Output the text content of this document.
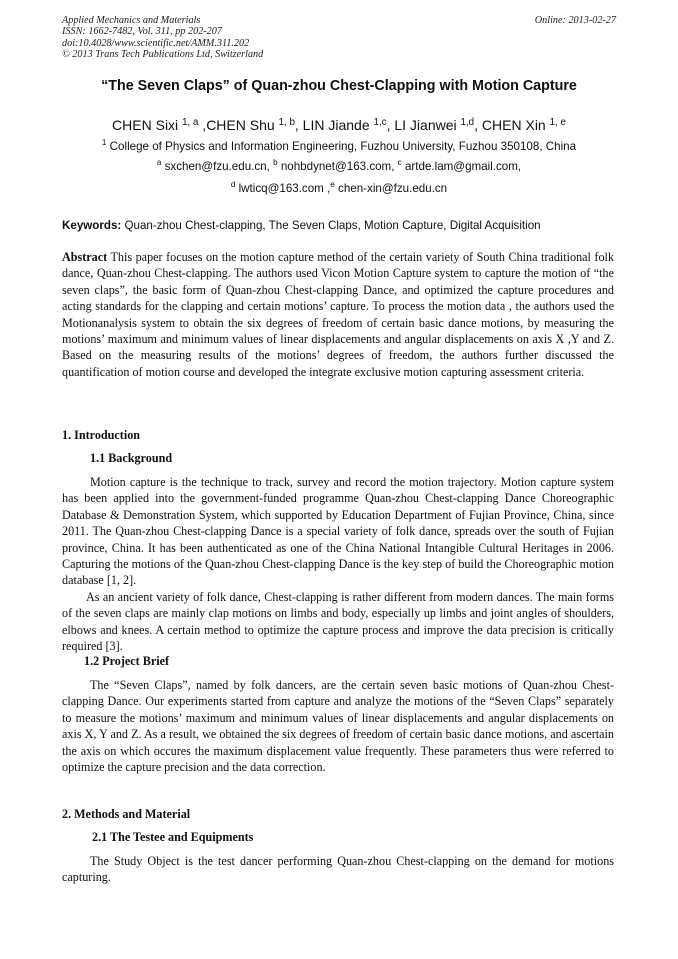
Applied Mechanics and Materials
ISSN: 1662-7482, Vol. 311, pp 202-207
doi:10.4028/www.scientific.net/AMM.311.202
© 2013 Trans Tech Publications Ltd, Switzerland
Online: 2013-02-27
“The Seven Claps” of Quan-zhou Chest-Clapping with Motion Capture
CHEN Sixi $^{1, a}$ ,CHEN Shu $^{1, b}$, LIN Jiande $^{1,c}$, LI Jianwei $^{1,d}$, CHEN Xin $^{1, e}$
$^1$ College of Physics and Information Engineering, Fuzhou University, Fuzhou 350108, China
$^a$ sxchen@fzu.edu.cn, $^b$ nohbdynet@163.com, $^c$ artde.lam@gmail.com,
$^d$ lwticq@163.com ,$^e$ chen-xin@fzu.edu.cn
Keywords: Quan-zhou Chest-clapping, The Seven Claps, Motion Capture, Digital Acquisition

Abstract This paper focuses on the motion capture method of the certain variety of South China traditional folk dance, Quan-zhou Chest-clapping. The authors used Vicon Motion Capture system to capture the motion of “the seven claps”, the basic form of Quan-zhou Chest-clapping Dance, and optimized the capture procedures and acting standards for the clapping and certain motions’ capture. To process the motion data , the authors used the Motionanalysis system to obtain the six degrees of freedom of certain basic dance motions, by measuring the motions’ maximum and minimum values of linear displacements and angular displacements on axis X ,Y and Z. Based on the measuring results of the motions’ degrees of freedom, the authors further discussed the quantification of motion course and developed the integrate exclusive motion capturing assessment criteria.

1. Introduction
1.1 Background

Motion capture is the technique to track, survey and record the motion trajectory. Motion capture system has been applied into the government-funded programme Quan-zhou Chest-clapping Dance Choreographic Database & Demonstration System, which supported by Education Department of Fujian Province, China, since 2011. The Quan-zhou Chest-clapping Dance is a special variety of folk dance, spreads over the south of Fujian province, China. It has been authenticated as one of the China National Intangible Cultural Heritages in 2006. Capturing the motions of the Quan-zhou Chest-clapping Dance is the key step of build the Choreographic motion database [1, 2].

As an ancient variety of folk dance, Chest-clapping is rather different from modern dances. The main forms of the seven claps are mainly clap motions on limbs and body, especially up limbs and joint angles of shoulders, elbows and knees. A certain method to optimize the capture process and improve the data precision is critically required [3].

1.2 Project Brief

The “Seven Claps”, named by folk dancers, are the certain seven basic motions of Quan-zhou Chest-clapping Dance. Our experiments started from capture and analyze the motions of the “Seven Claps” separately to measure the motions’ maximum and minimum values of linear displacements and angular displacements on axis X, Y and Z. As a result, we obtained the six degrees of freedom of certain basic dance motions, and ascertain the axis on which occures the maximum displacement value frequently. These parameters thus were referred to optimize the capture precision and the data correction.

2. Methods and Material
2.1 The Testee and Equipments

The Study Object is the test dancer performing Quan-zhou Chest-clapping on the demand for motions capturing.
